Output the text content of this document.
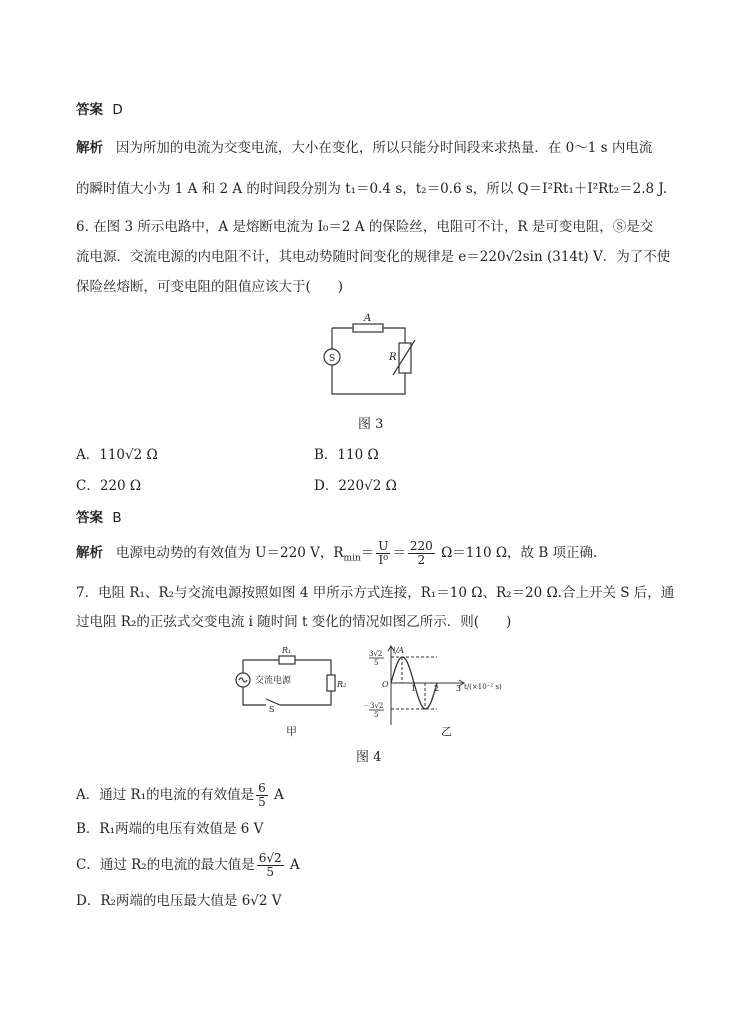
答案 D
解析 因为所加的电流为交变电流，大小在变化，所以只能分时间段来求热量．在 0～1 s 内电流
的瞬时值大小为 1 A 和 2 A 的时间段分别为 t₁＝0.4 s，t₂＝0.6 s，所以 Q＝I²Rt₁＋I²Rt₂＝2.8 J.
6. 在图 3 所示电路中，A 是熔断电流为 I₀＝2 A 的保险丝，电阻可不计，R 是可变电阻，Ⓢ是交
流电源．交流电源的内电阻不计，其电动势随时间变化的规律是 e＝220√2sin (314t) V．为了不使
保险丝熔断，可变电阻的阻值应该大于(　　)
A
R
S
图 3
A．110√2 Ω	B．110 Ω
C．220 Ω	D．220√2 Ω
答案 B
解析 电源电动势的有效值为 U＝220 V，$R_{min}= \frac{U}{\text{I⁰}} = \frac{220}{2} \Omega=110$ Ω，故 B 项正确．
7．电阻 R₁、R₂与交流电源按照如图 4 甲所示方式连接，R₁＝10 Ω、R₂＝20 Ω.合上开关 S 后，通
过电阻 R₂的正弦式交变电流 i 随时间 t 变化的情况如图乙所示．则(　　)
R₁
R₂
交流电源
S
甲
i/A
t/(×10⁻² s)
O	1 2 3
3√2
5
－3√2
5
乙
图 4
A．通过 R₁的电流的有效值是 $\frac{6}{5}$ A
B．R₁两端的电压有效值是 6 V
C．通过 R₂的电流的最大值是 $\frac{6√2}{5}$ A
D．R₂两端的电压最大值是 6√2 V
